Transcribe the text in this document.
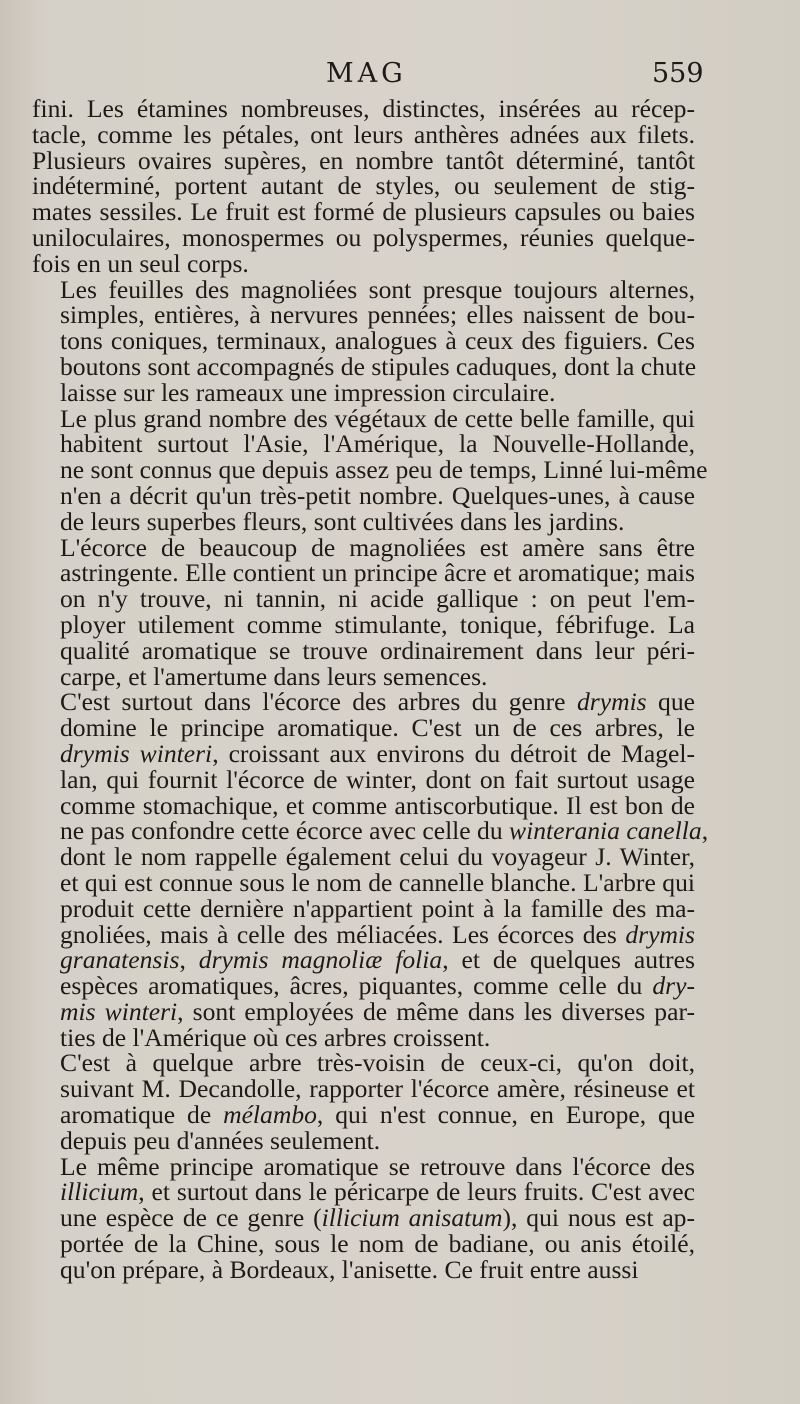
MAG	559
fini. Les étamines nombreuses, distinctes, insérées au récep-
tacle, comme les pétales, ont leurs anthères adnées aux filets.
Plusieurs ovaires supères, en nombre tantôt déterminé, tantôt
indéterminé, portent autant de styles, ou seulement de stig-
mates sessiles. Le fruit est formé de plusieurs capsules ou baies
uniloculaires, monospermes ou polyspermes, réunies quelque-
fois en un seul corps.
Les feuilles des magnoliées sont presque toujours alternes,
simples, entières, à nervures pennées; elles naissent de bou-
tons coniques, terminaux, analogues à ceux des figuiers. Ces
boutons sont accompagnés de stipules caduques, dont la chute
laisse sur les rameaux une impression circulaire.
Le plus grand nombre des végétaux de cette belle famille, qui
habitent surtout l'Asie, l'Amérique, la Nouvelle-Hollande,
ne sont connus que depuis assez peu de temps, Linné lui-même
n'en a décrit qu'un très-petit nombre. Quelques-unes, à cause
de leurs superbes fleurs, sont cultivées dans les jardins.
L'écorce de beaucoup de magnoliées est amère sans être
astringente. Elle contient un principe âcre et aromatique; mais
on n'y trouve, ni tannin, ni acide gallique : on peut l'em-
ployer utilement comme stimulante, tonique, fébrifuge. La
qualité aromatique se trouve ordinairement dans leur péri-
carpe, et l'amertume dans leurs semences.
C'est surtout dans l'écorce des arbres du genre drymis que
domine le principe aromatique. C'est un de ces arbres, le
drymis winteri, croissant aux environs du détroit de Magel-
lan, qui fournit l'écorce de winter, dont on fait surtout usage
comme stomachique, et comme antiscorbutique. Il est bon de
ne pas confondre cette écorce avec celle du winterania canella,
dont le nom rappelle également celui du voyageur J. Winter,
et qui est connue sous le nom de cannelle blanche. L'arbre qui
produit cette dernière n'appartient point à la famille des ma-
gnoliées, mais à celle des méliacées. Les écorces des drymis
granatensis, drymis magnoliæ folia, et de quelques autres
espèces aromatiques, âcres, piquantes, comme celle du dry-
mis winteri, sont employées de même dans les diverses par-
ties de l'Amérique où ces arbres croissent.
C'est à quelque arbre très-voisin de ceux-ci, qu'on doit,
suivant M. Decandolle, rapporter l'écorce amère, résineuse et
aromatique de mélambo, qui n'est connue, en Europe, que
depuis peu d'années seulement.
Le même principe aromatique se retrouve dans l'écorce des
illicium, et surtout dans le péricarpe de leurs fruits. C'est avec
une espèce de ce genre (illicium anisatum), qui nous est ap-
portée de la Chine, sous le nom de badiane, ou anis étoilé,
qu'on prépare, à Bordeaux, l'anisette. Ce fruit entre aussi
